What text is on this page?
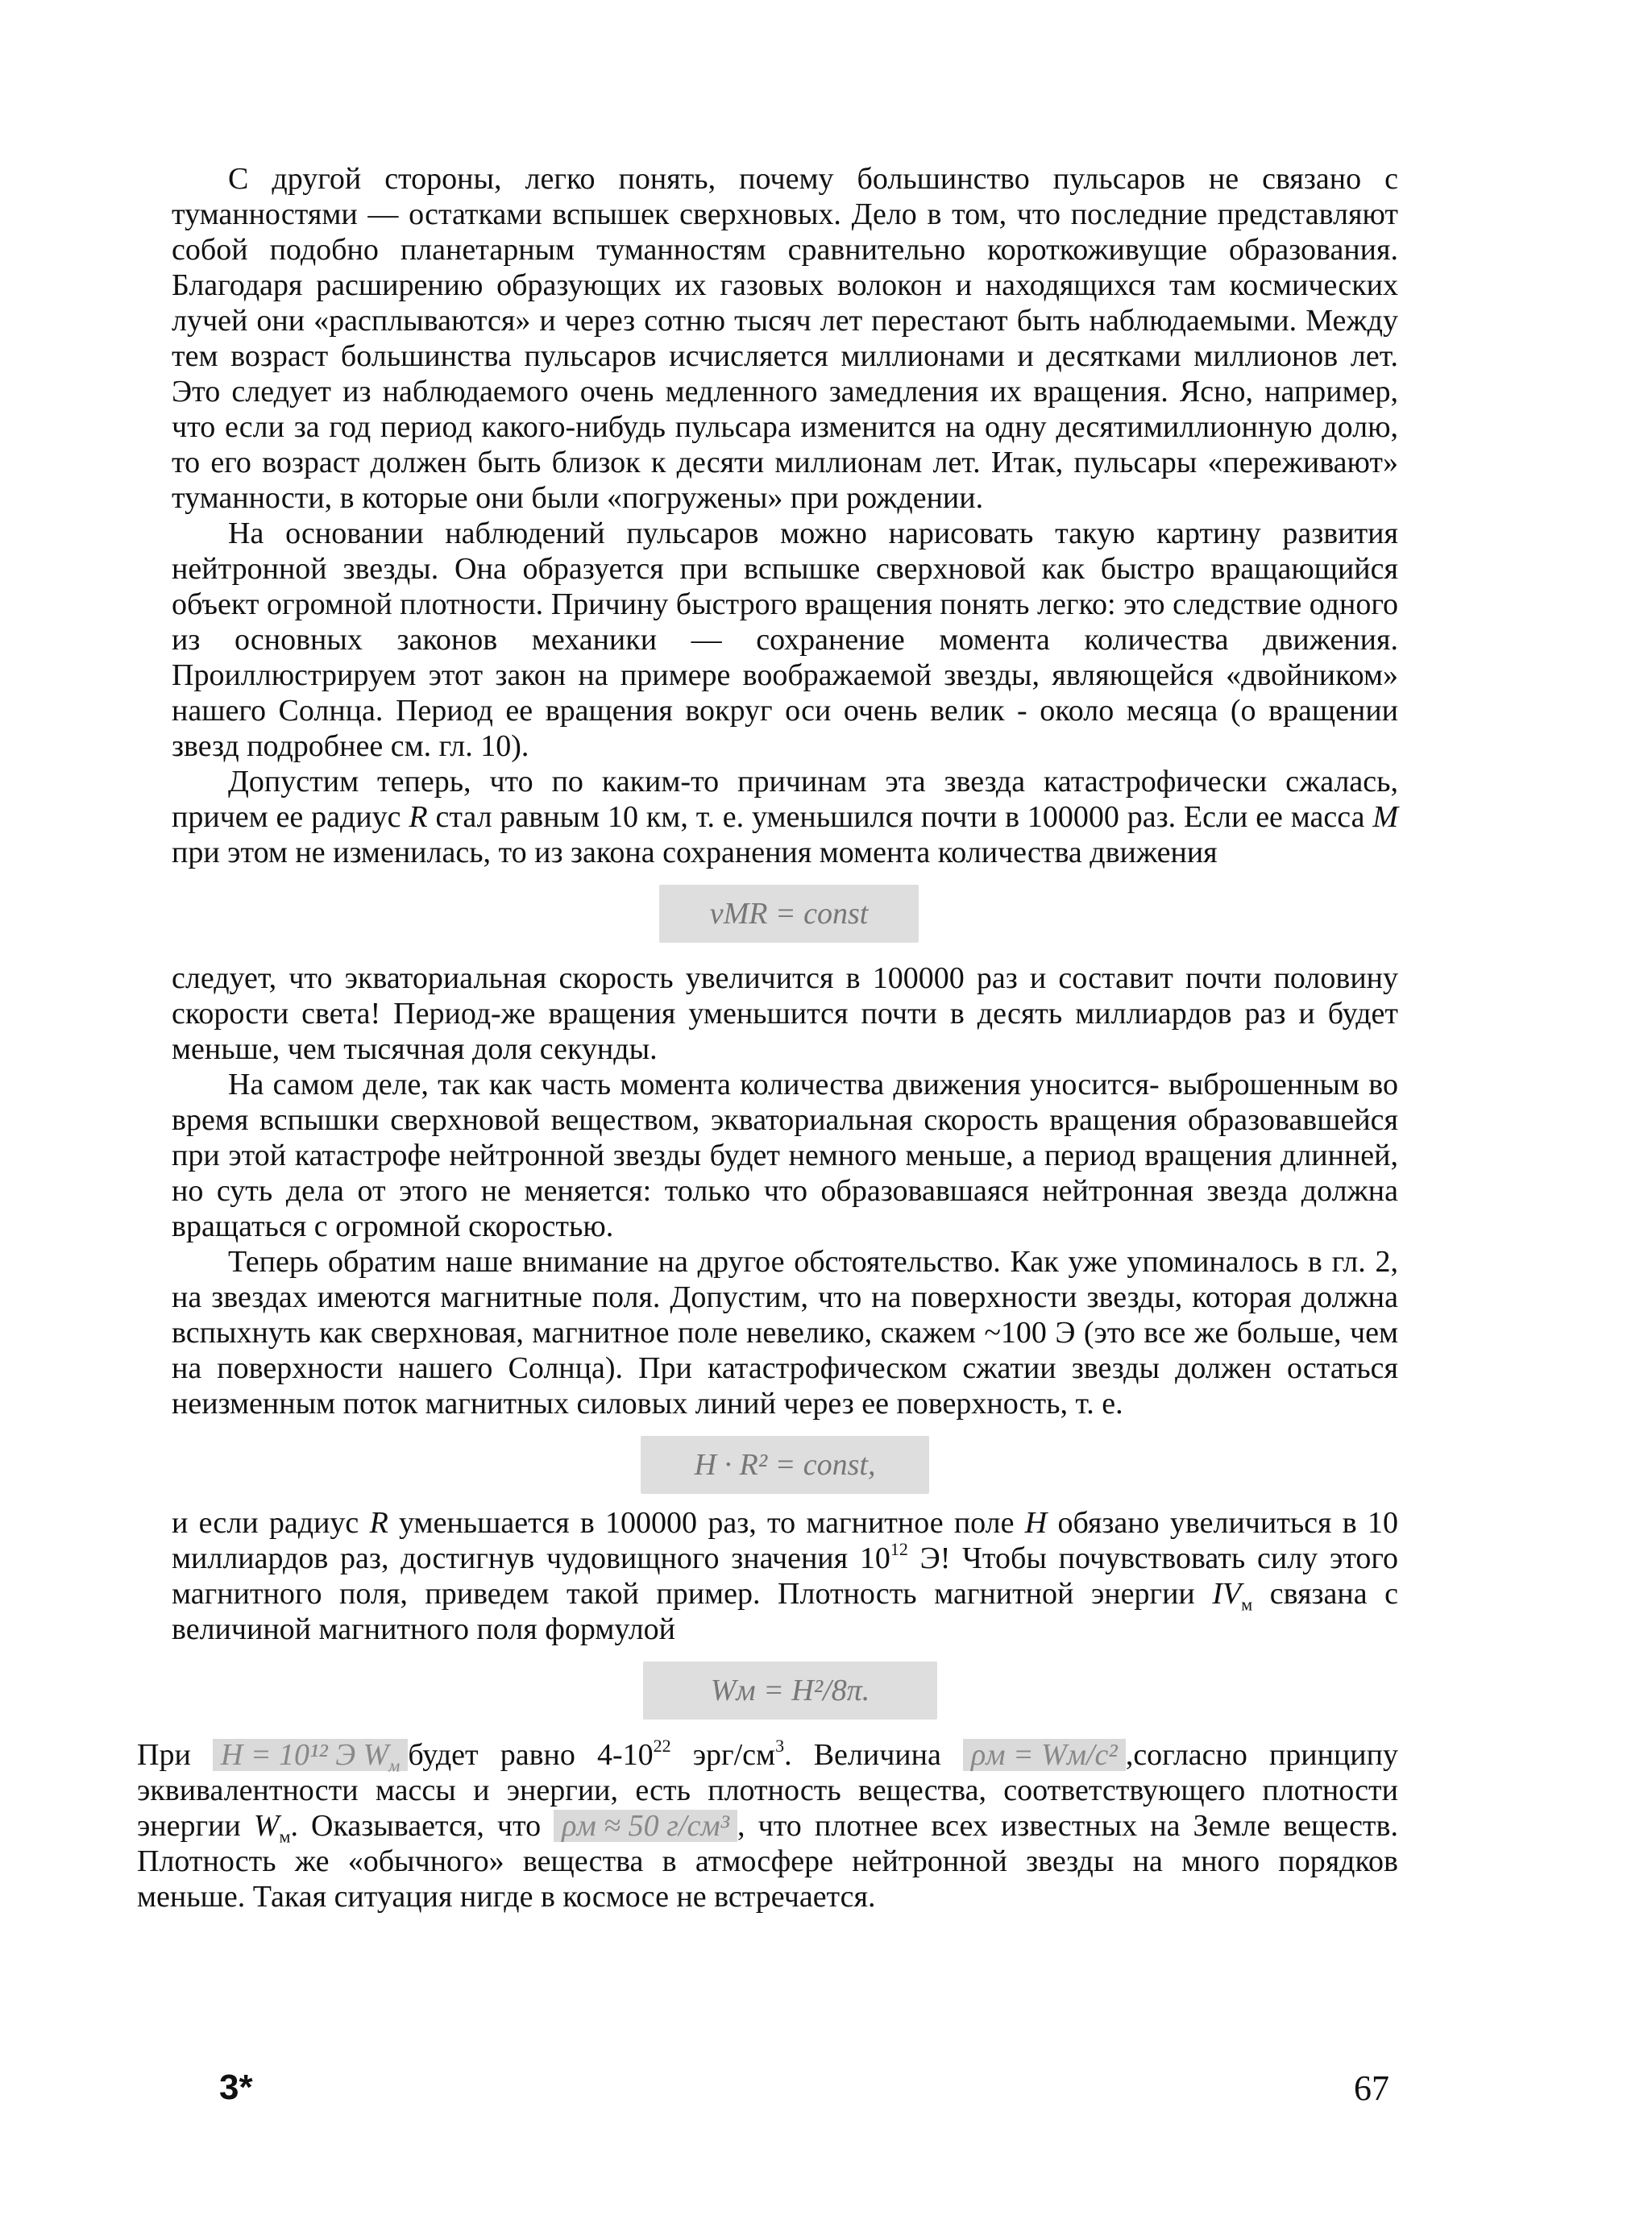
С другой стороны, легко понять, почему большинство пульсаров не связано с туманностями — остатками вспышек сверхновых. Дело в том, что последние представляют собой подобно планетарным туманностям сравнительно короткоживущие образования. Благодаря расширению образующих их газовых волокон и находящихся там космических лучей они «расплываются» и через сотню тысяч лет перестают быть наблюдаемыми. Между тем возраст большинства пульсаров исчисляется миллионами и десятками миллионов лет. Это следует из наблюдаемого очень медленного замедления их вращения. Ясно, например, что если за год период какого-нибудь пульсара изменится на одну десятимиллионную долю, то его возраст должен быть близок к десяти миллионам лет. Итак, пульсары «переживают» туманности, в которые они были «погружены» при рождении.

На основании наблюдений пульсаров можно нарисовать такую картину развития нейтронной звезды. Она образуется при вспышке сверхновой как быстро вращающийся объект огромной плотности. Причину быстрого вращения понять легко: это следствие одного из основных законов механики — сохранение момента количества движения. Проиллюстрируем этот закон на примере воображаемой звезды, являющейся «двойником» нашего Солнца. Период ее вращения вокруг оси очень велик - около месяца (о вращении звезд подробнее см. гл. 10).

Допустим теперь, что по каким-то причинам эта звезда катастрофически сжалась, причем ее радиус R стал равным 10 км, т. е. уменьшился почти в 100000 раз. Если ее масса M при этом не изменилась, то из закона сохранения момента количества движения

vMR = const

следует, что экваториальная скорость увеличится в 100000 раз и составит почти половину скорости света! Период-же вращения уменьшится почти в десять миллиардов раз и будет меньше, чем тысячная доля секунды.

На самом деле, так как часть момента количества движения уносится- выброшенным во время вспышки сверхновой веществом, экваториальная скорость вращения образовавшейся при этой катастрофе нейтронной звезды будет немного меньше, а период вращения длинней, но суть дела от этого не меняется: только что образовавшаяся нейтронная звезда должна вращаться с огромной скоростью.

Теперь обратим наше внимание на другое обстоятельство. Как уже упоминалось в гл. 2, на звездах имеются магнитные поля. Допустим, что на поверхности звезды, которая должна вспыхнуть как сверхновая, магнитное поле невелико, скажем ~100 Э (это все же больше, чем на поверхности нашего Солнца). При катастрофическом сжатии звезды должен остаться неизменным поток магнитных силовых линий через ее поверхность, т. е.

H · R² = const,

и если радиус R уменьшается в 100000 раз, то магнитное поле H обязано увеличиться в 10 миллиардов раз, достигнув чудовищного значения $10^{12}$ Э! Чтобы почувствовать силу этого магнитного поля, приведем такой пример. Плотность магнитной энергии $IV_м$ связана с величиной магнитного поля формулой

Wм = H²/8π.

При H = 10¹² Э $W_м$ будет равно $4-10^{22}$ эрг/$см^3$. Величина ρм = Wм/c² ,согласно принципу эквивалентности массы и энергии, есть плотность вещества, соответствующего плотности энергии $W_м$. Оказывается, что ρм ≈ 50 г/см³ , что плотнее всех известных на Земле веществ. Плотность же «обычного» вещества в атмосфере нейтронной звезды на много порядков меньше. Такая ситуация нигде в космосе не встречается.

3*	67
